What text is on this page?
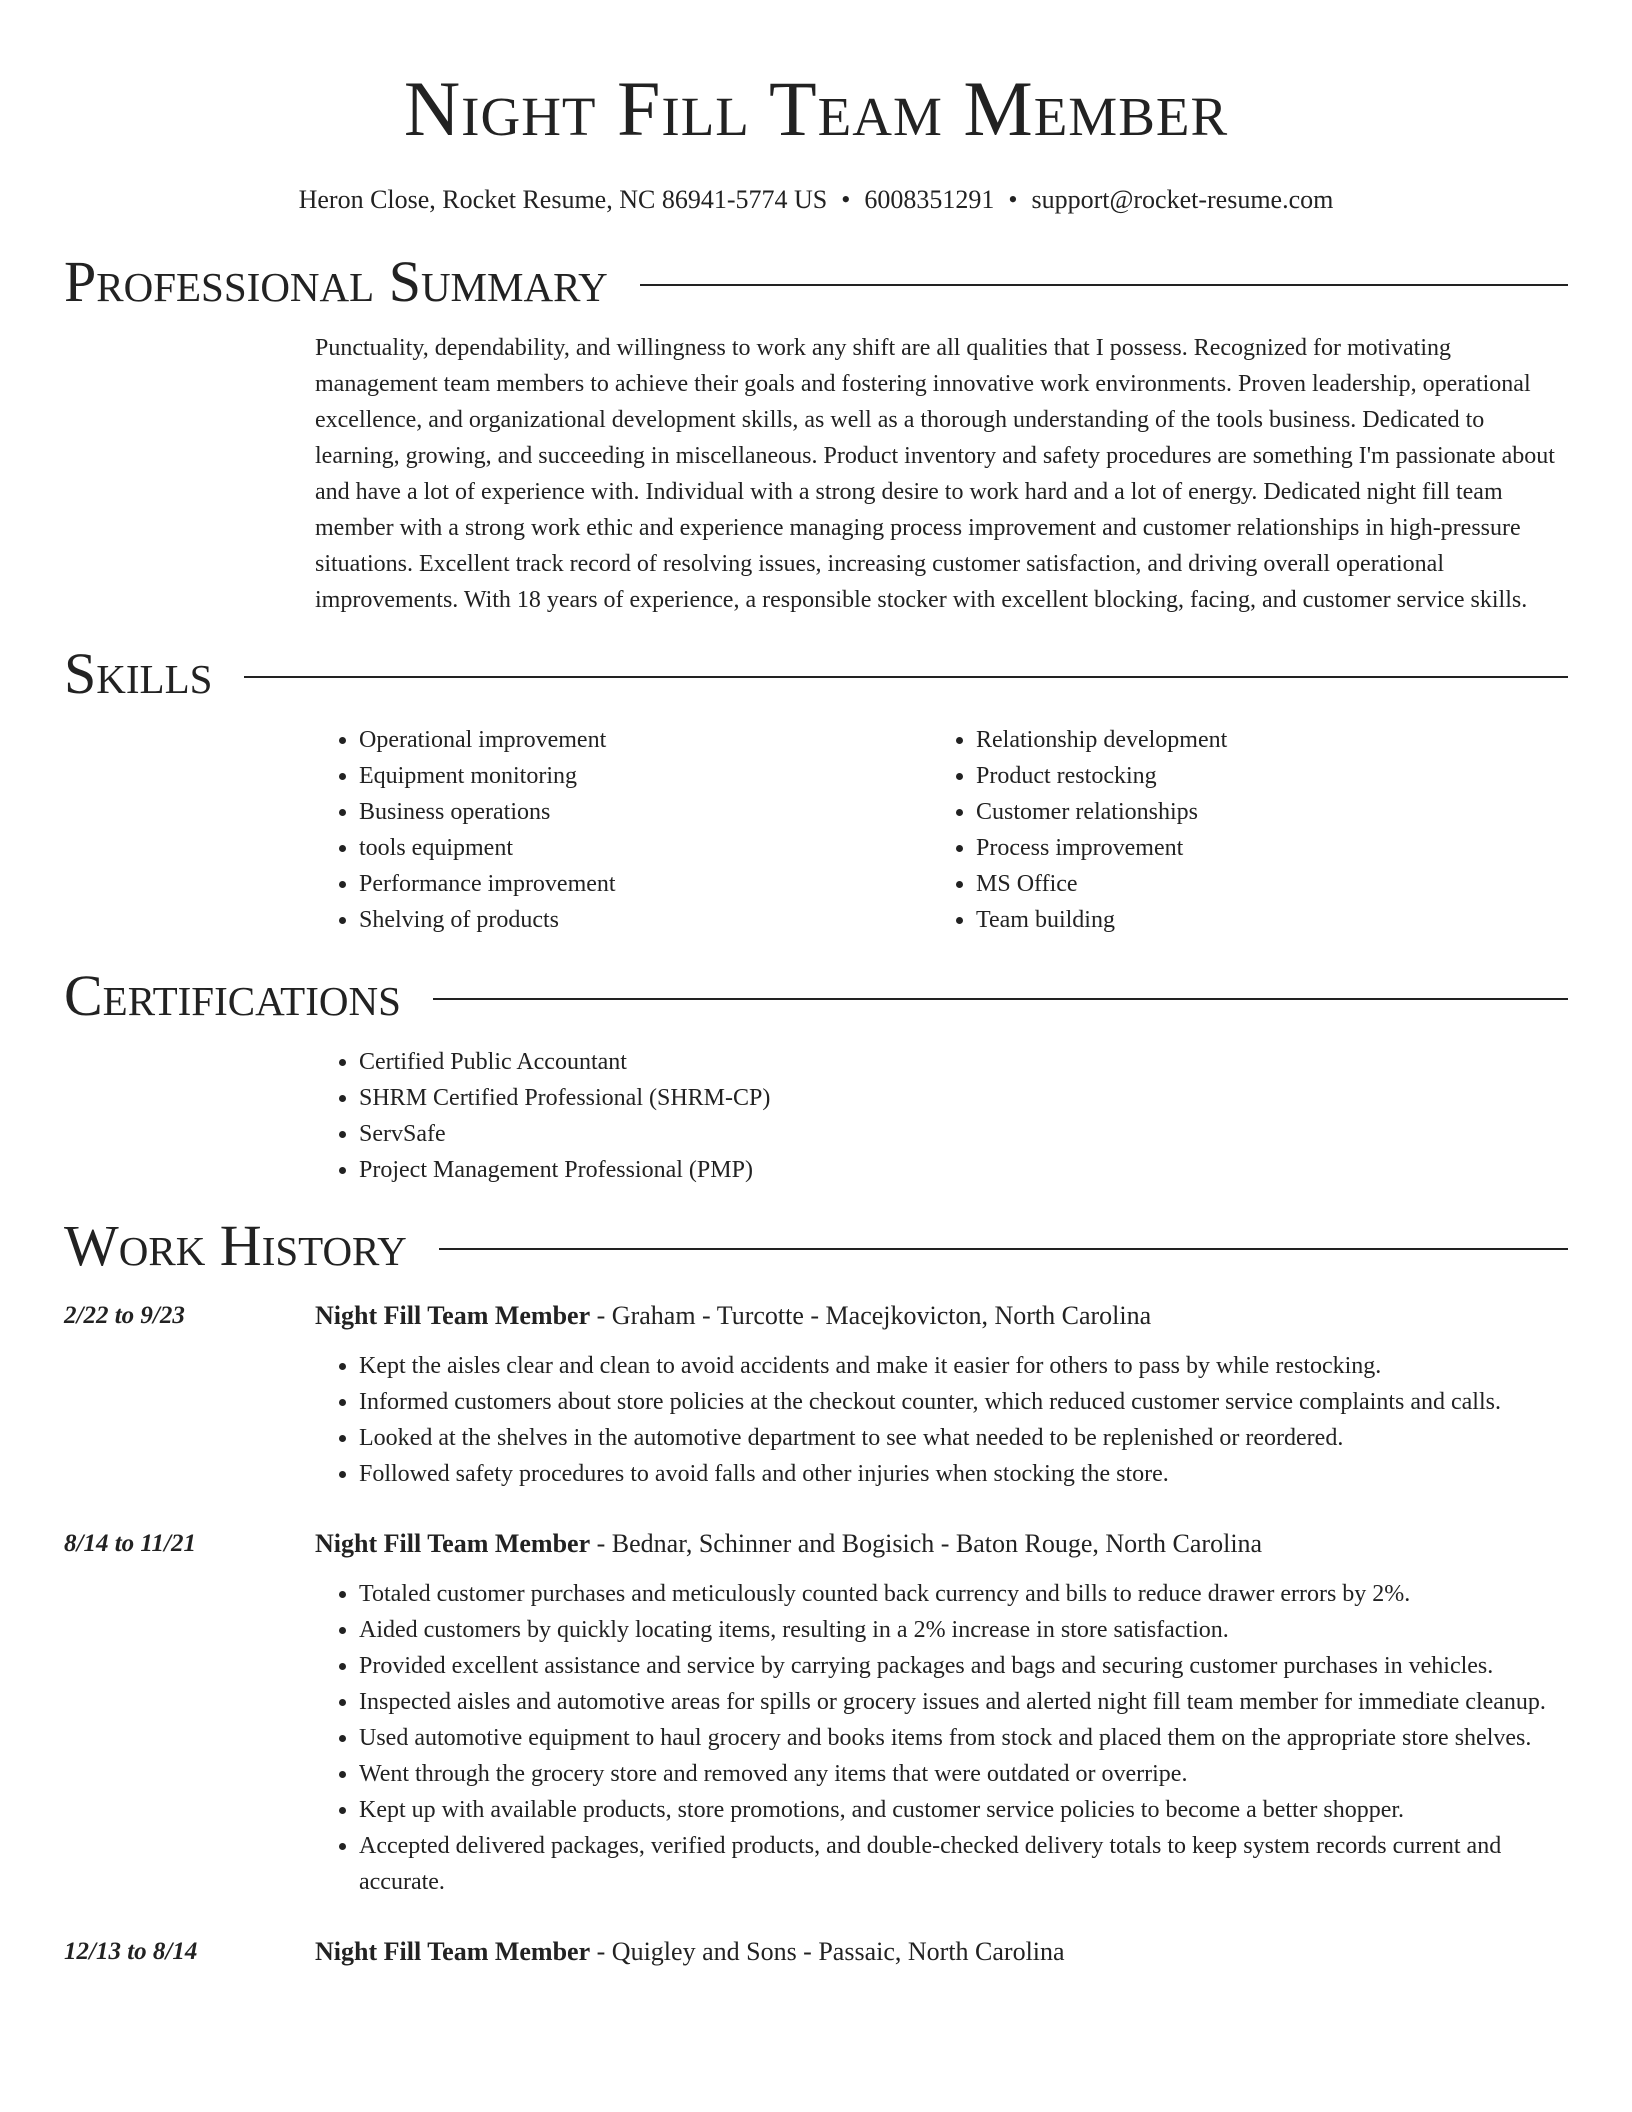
Night Fill Team Member
Heron Close, Rocket Resume, NC 86941-5774 US • 6008351291 • support@rocket-resume.com
Professional Summary

Punctuality, dependability, and willingness to work any shift are all qualities that I possess. Recognized for motivating management team members to achieve their goals and fostering innovative work environments. Proven leadership, operational excellence, and organizational development skills, as well as a thorough understanding of the tools business. Dedicated to learning, growing, and succeeding in miscellaneous. Product inventory and safety procedures are something I'm passionate about and have a lot of experience with. Individual with a strong desire to work hard and a lot of energy. Dedicated night fill team member with a strong work ethic and experience managing process improvement and customer relationships in high-pressure situations. Excellent track record of resolving issues, increasing customer satisfaction, and driving overall operational improvements. With 18 years of experience, a responsible stocker with excellent blocking, facing, and customer service skills.

Skills
• Operational improvement
• Equipment monitoring
• Business operations
• tools equipment
• Performance improvement
• Shelving of products
• Relationship development
• Product restocking
• Customer relationships
• Process improvement
• MS Office
• Team building
Certifications
• Certified Public Accountant
• SHRM Certified Professional (SHRM-CP)
• ServSafe
• Project Management Professional (PMP)
Work History
2/22 to 9/23	Night Fill Team Member - Graham - Turcotte - Macejkovicton, North Carolina
• Kept the aisles clear and clean to avoid accidents and make it easier for others to pass by while restocking.
• Informed customers about store policies at the checkout counter, which reduced customer service complaints and calls.
• Looked at the shelves in the automotive department to see what needed to be replenished or reordered.
• Followed safety procedures to avoid falls and other injuries when stocking the store.
8/14 to 11/21	Night Fill Team Member - Bednar, Schinner and Bogisich - Baton Rouge, North Carolina
• Totaled customer purchases and meticulously counted back currency and bills to reduce drawer errors by 2%.
• Aided customers by quickly locating items, resulting in a 2% increase in store satisfaction.
• Provided excellent assistance and service by carrying packages and bags and securing customer purchases in vehicles.
• Inspected aisles and automotive areas for spills or grocery issues and alerted night fill team member for immediate cleanup.
• Used automotive equipment to haul grocery and books items from stock and placed them on the appropriate store shelves.
• Went through the grocery store and removed any items that were outdated or overripe.
• Kept up with available products, store promotions, and customer service policies to become a better shopper.
• Accepted delivered packages, verified products, and double-checked delivery totals to keep system records current and accurate.
12/13 to 8/14	Night Fill Team Member - Quigley and Sons - Passaic, North Carolina
